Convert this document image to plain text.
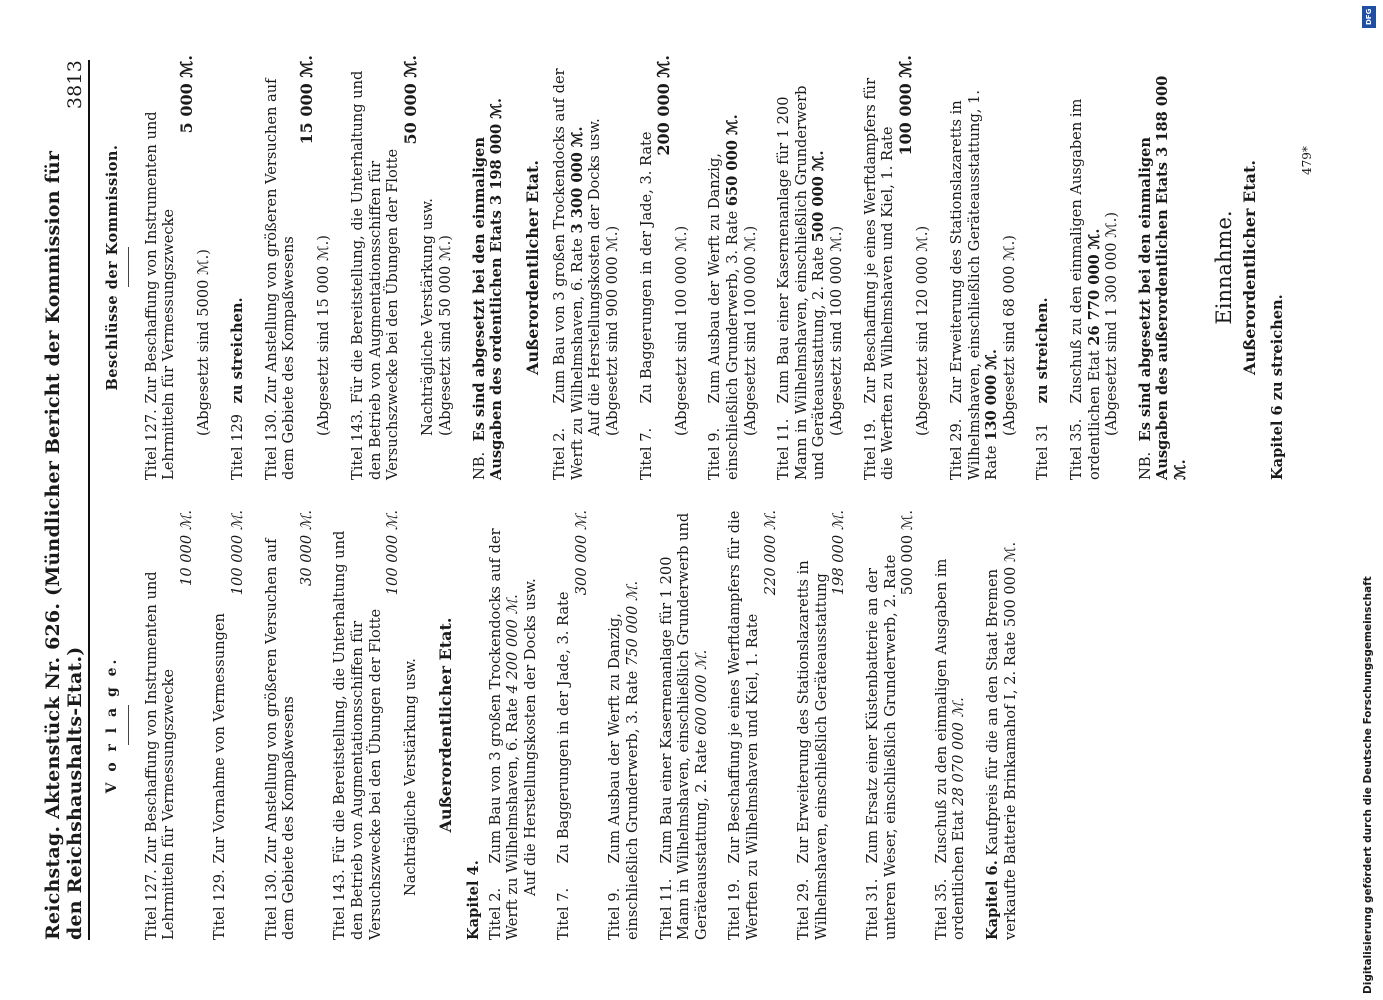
Reichstag. Aktenstück Nr. 626. (Mündlicher Bericht der Kommission für den Reichshaushalts-Etat.)
3813
V o r l a g e.

Titel 127. Zur Beschaffung von Instrumenten und Lehrmitteln für Vermessungszwecke

10 000 ℳ.

Titel 129. Zur Vornahme von Vermessungen

100 000 ℳ.

Titel 130. Zur Anstellung von größeren Versuchen auf dem Gebiete des Kompaßwesens

30 000 ℳ.

Titel 143. Für die Bereitstellung, die Unterhaltung und den Betrieb von Augmentationsschiffen für Versuchszwecke bei den Übungen der Flotte

100 000 ℳ.

Nachträgliche Verstärkung usw. Außerordentlicher Etat.
Kapitel 4. Titel 2. Zum Bau von 3 großen Trockendocks auf der Werft zu Wilhelmshaven, 6. Rate 4 200 000 ℳ. Auf die Herstellungskosten der Docks usw.

Titel 7. Zu Baggerungen in der Jade, 3. Rate

300 000 ℳ.

Titel 9. Zum Ausbau der Werft zu Danzig, einschließlich Grunderwerb, 3. Rate 750 000 ℳ.

Titel 11. Zum Bau einer Kasernenanlage für 1 200 Mann in Wilhelmshaven, einschließlich Grunderwerb und Geräteausstattung, 2. Rate 600 000 ℳ.

Titel 19. Zur Beschaffung je eines Werftdampfers für die Werften zu Wilhelmshaven und Kiel, 1. Rate

220 000 ℳ.

Titel 29. Zur Erweiterung des Stationslazaretts in Wilhelmshaven, einschließlich Geräteausstattung

198 000 ℳ.

Titel 31. Zum Ersatz einer Küstenbatterie an der unteren Weser, einschließlich Grunderwerb, 2. Rate

500 000 ℳ.

Titel 35. Zuschuß zu den einmaligen Ausgaben im ordentlichen Etat 28 070 000 ℳ.

Kapitel 6. Kaufpreis für die an den Staat Bremen verkaufte Batterie Brinkamahof I, 2. Rate 500 000 ℳ.

Beschlüsse der Kommission.

Titel 127. Zur Beschaffung von Instrumenten und Lehrmitteln für Vermessungszwecke

5 000 ℳ.

(Abgesetzt sind 5000 ℳ.)

Titel 129 zu streichen.

Titel 130. Zur Anstellung von größeren Versuchen auf dem Gebiete des Kompaßwesens

15 000 ℳ.

(Abgesetzt sind 15 000 ℳ.)

Titel 143. Für die Bereitstellung, die Unterhaltung und den Betrieb von Augmentationsschiffen für Versuchszwecke bei den Übungen der Flotte

50 000 ℳ.

Nachträgliche Verstärkung usw. (Abgesetzt sind 50 000 ℳ.)

NB. Es sind abgesetzt bei den einmaligen Ausgaben des ordentlichen Etats 3 198 000 ℳ. Außerordentlicher Etat.

Titel 2. Zum Bau von 3 großen Trockendocks auf der Werft zu Wilhelmshaven, 6. Rate 3 300 000 ℳ. Auf die Herstellungskosten der Docks usw. (Abgesetzt sind 900 000 ℳ.)

Titel 7. Zu Baggerungen in der Jade, 3. Rate

200 000 ℳ.

(Abgesetzt sind 100 000 ℳ.)

Titel 9. Zum Ausbau der Werft zu Danzig, einschließlich Grunderwerb, 3. Rate 650 000 ℳ.

(Abgesetzt sind 100 000 ℳ.)

Titel 11. Zum Bau einer Kasernenanlage für 1 200 Mann in Wilhelmshaven, einschließlich Grunderwerb und Geräteausstattung, 2. Rate 500 000 ℳ.

(Abgesetzt sind 100 000 ℳ.)

Titel 19. Zur Beschaffung je eines Werftdampfers für die Werften zu Wilhelmshaven und Kiel, 1. Rate

100 000 ℳ.

(Abgesetzt sind 120 000 ℳ.)

Titel 29. Zur Erweiterung des Stationslazaretts in Wilhelmshaven, einschließlich Geräteausstattung, 1. Rate 130 000 ℳ. (Abgesetzt sind 68 000 ℳ.)

Titel 31 zu streichen.

Titel 35. Zuschuß zu den einmaligen Ausgaben im ordentlichen Etat 26 770 000 ℳ. (Abgesetzt sind 1 300 000 ℳ.)

NB. Es sind abgesetzt bei den einmaligen Ausgaben des außerordentlichen Etats 3 188 000 ℳ.
Einnahme. Außerordentlicher Etat.
Kapitel 6 zu streichen.
479*
DFG
Digitalisierung gefördert durch die Deutsche Forschungsgemeinschaft
